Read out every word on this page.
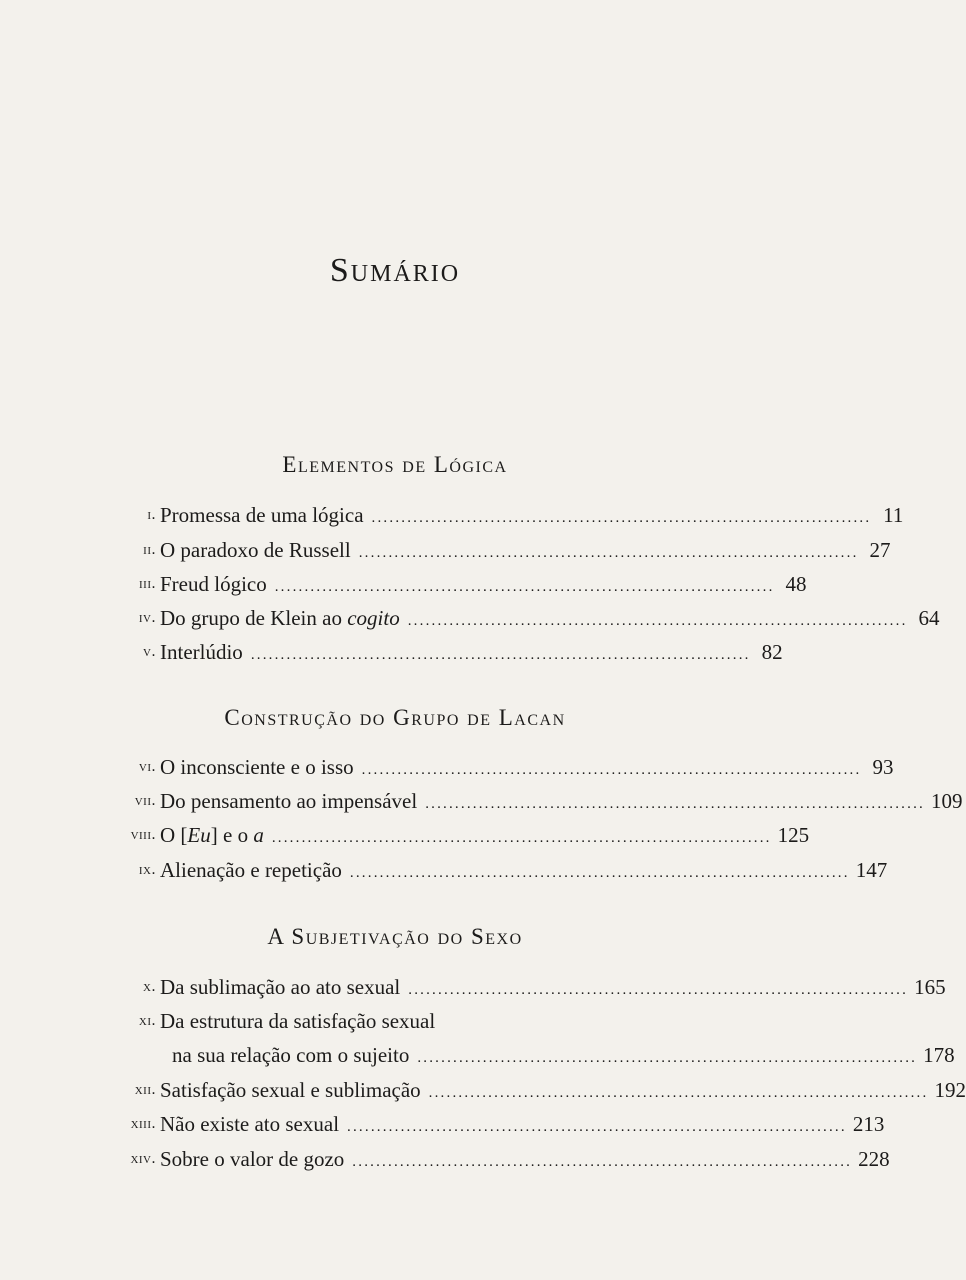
Sumário
Elementos de Lógica
i. Promessa de uma lógica .................................................................................... 11
ii. O paradoxo de Russell .................................................................................... 27
iii. Freud lógico .................................................................................... 48
iv. Do grupo de Klein ao cogito .................................................................................... 64
v. Interlúdio .................................................................................... 82
Construção do Grupo de Lacan
vi. O inconsciente e o isso .................................................................................... 93
vii. Do pensamento ao impensável .................................................................................... 109
viii. O [Eu] e o a .................................................................................... 125
ix. Alienação e repetição .................................................................................... 147
A Subjetivação do Sexo
x. Da sublimação ao ato sexual .................................................................................... 165
xi. Da estrutura da satisfação sexual
na sua relação com o sujeito .................................................................................... 178
xii. Satisfação sexual e sublimação .................................................................................... 192
xiii. Não existe ato sexual .................................................................................... 213
xiv. Sobre o valor de gozo .................................................................................... 228
